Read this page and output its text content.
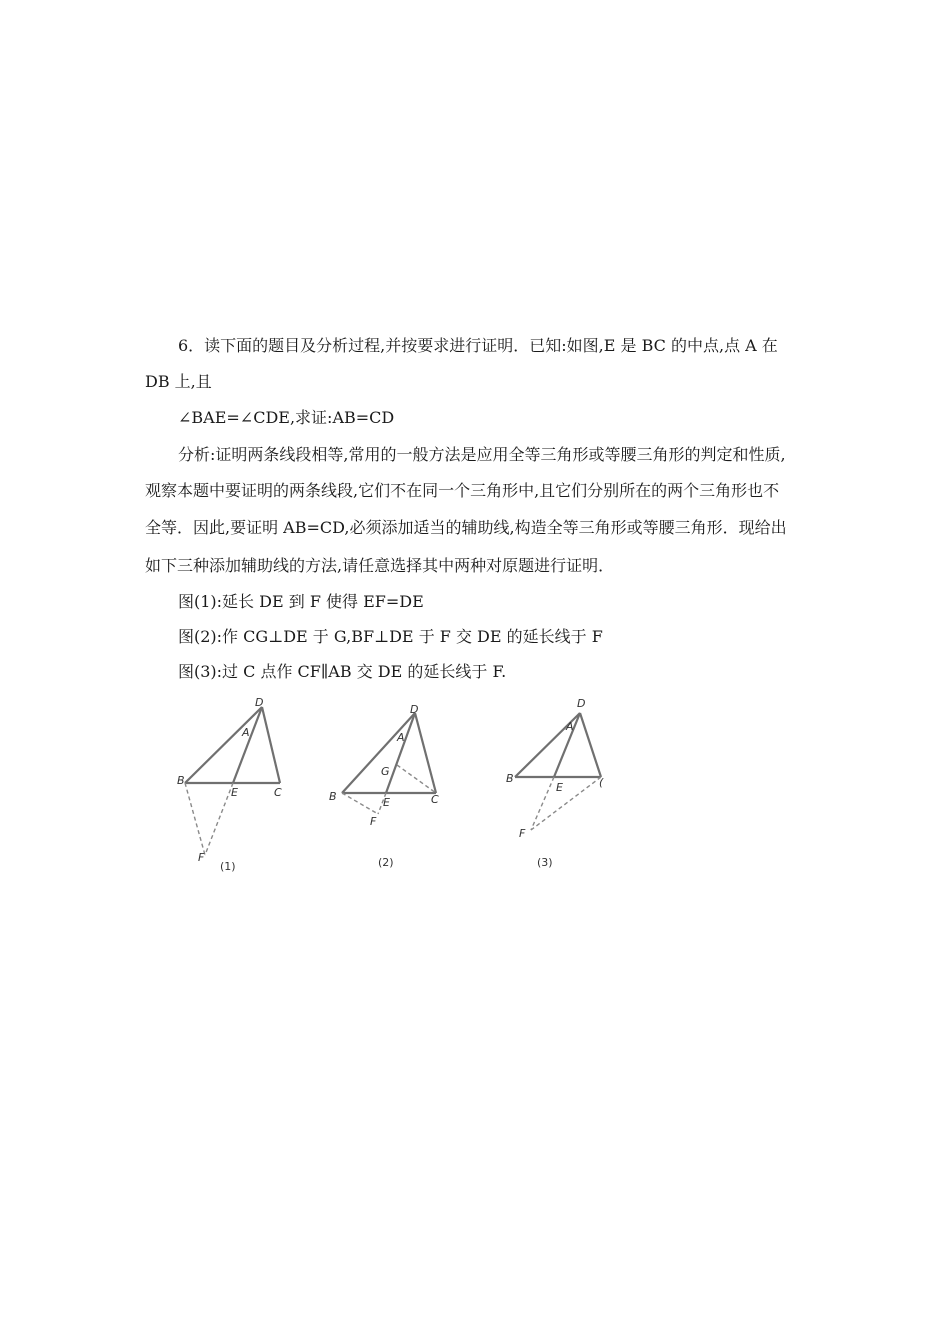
6．读下面的题目及分析过程,并按要求进行证明．已知:如图,E 是 BC 的中点,点 A 在
DB 上,且
∠BAE=∠CDE,求证:AB=CD
分析:证明两条线段相等,常用的一般方法是应用全等三角形或等腰三角形的判定和性质,
观察本题中要证明的两条线段,它们不在同一个三角形中,且它们分别所在的两个三角形也不
全等．因此,要证明 AB=CD,必须添加适当的辅助线,构造全等三角形或等腰三角形．现给出
如下三种添加辅助线的方法,请任意选择其中两种对原题进行证明．
图(1):延长 DE 到 F 使得 EF=DE
图(2):作 CG⊥DE 于 G,BF⊥DE 于 F 交 DE 的延长线于 F
图(3):过 C 点作 CF∥AB 交 DE 的延长线于 F.
D
A
B
E	C
F
(1)
D
A
G
B	E	C
F
(2)
D
A
B
E	(
F
(3)
